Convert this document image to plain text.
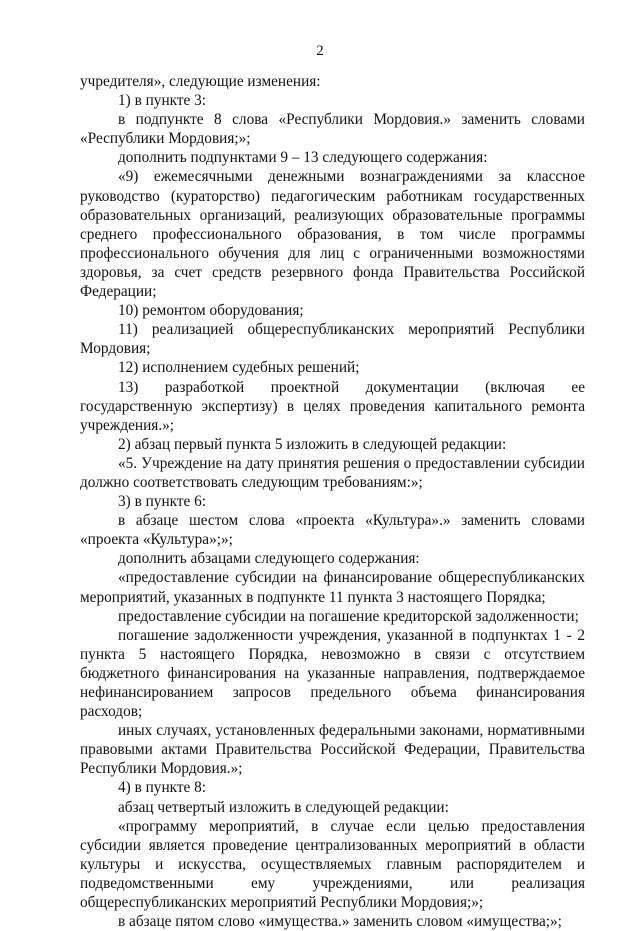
2

учредителя», следующие изменения:

1) в пункте 3:

в подпункте 8 слова «Республики Мордовия.» заменить словами «Республики Мордовия;»;

дополнить подпунктами 9 – 13 следующего содержания:

«9) ежемесячными денежными вознаграждениями за классное руководство (кураторство) педагогическим работникам государственных образовательных организаций, реализующих образовательные программы среднего профессионального образования, в том числе программы профессионального обучения для лиц с ограниченными возможностями здоровья, за счет средств резервного фонда Правительства Российской Федерации;

10) ремонтом оборудования;

11) реализацией общереспубликанских мероприятий Республики Мордовия;

12) исполнением судебных решений;

13) разработкой проектной документации (включая ее государственную экспертизу) в целях проведения капитального ремонта учреждения.»;

2) абзац первый пункта 5 изложить в следующей редакции:

«5. Учреждение на дату принятия решения о предоставлении субсидии должно соответствовать следующим требованиям:»;

3) в пункте 6:

в абзаце шестом слова «проекта «Культура».» заменить словами «проекта «Культура»;»;

дополнить абзацами следующего содержания:

«предоставление субсидии на финансирование общереспубликанских мероприятий, указанных в подпункте 11 пункта 3 настоящего Порядка;

предоставление субсидии на погашение кредиторской задолженности;

погашение задолженности учреждения, указанной в подпунктах 1 - 2 пункта 5 настоящего Порядка, невозможно в связи с отсутствием бюджетного финансирования на указанные направления, подтверждаемое нефинансированием запросов предельного объема финансирования расходов;

иных случаях, установленных федеральными законами, нормативными правовыми актами Правительства Российской Федерации, Правительства Республики Мордовия.»;

4) в пункте 8:

абзац четвертый изложить в следующей редакции:

«программу мероприятий, в случае если целью предоставления субсидии является проведение централизованных мероприятий в области культуры и искусства, осуществляемых главным распорядителем и подведомственными ему учреждениями, или реализация общереспубликанских мероприятий Республики Мордовия;»;

в абзаце пятом слово «имущества.» заменить словом «имущества;»;
